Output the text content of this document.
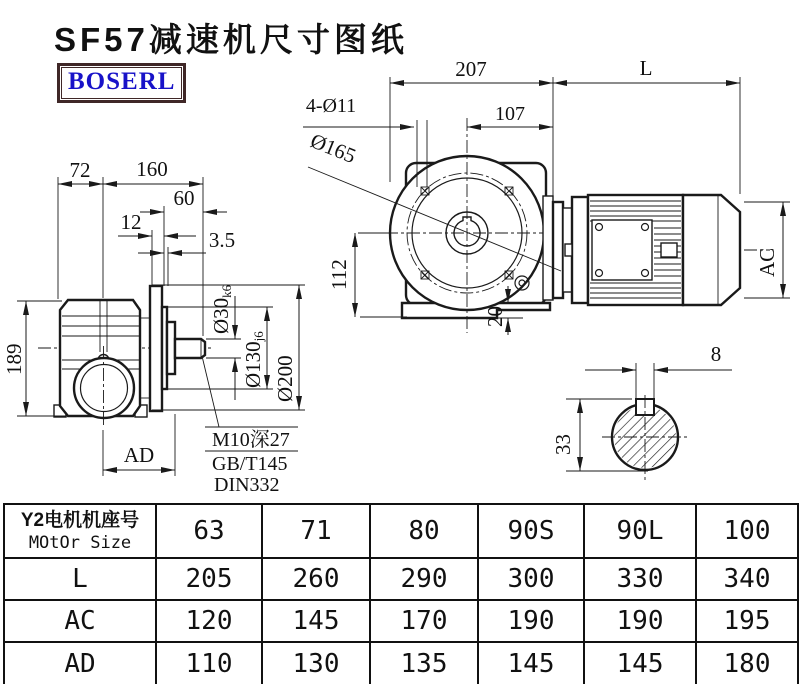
SF57减速机尺寸图纸
BOSERL
72 160
60
12
3.5
189
AD
Ø30k6
Ø130j6
Ø200
M10深27
GB/T145
DIN332
207	L
4-Ø11	107
Ø165
112
20
AC
8
33
Y2电机机座号
MOtOr Size	63	71	80	90S	90L	100
L	205	260	290	300	330	340
AC	120	145	170	190	190	195
AD	110	130	135	145	145	180
